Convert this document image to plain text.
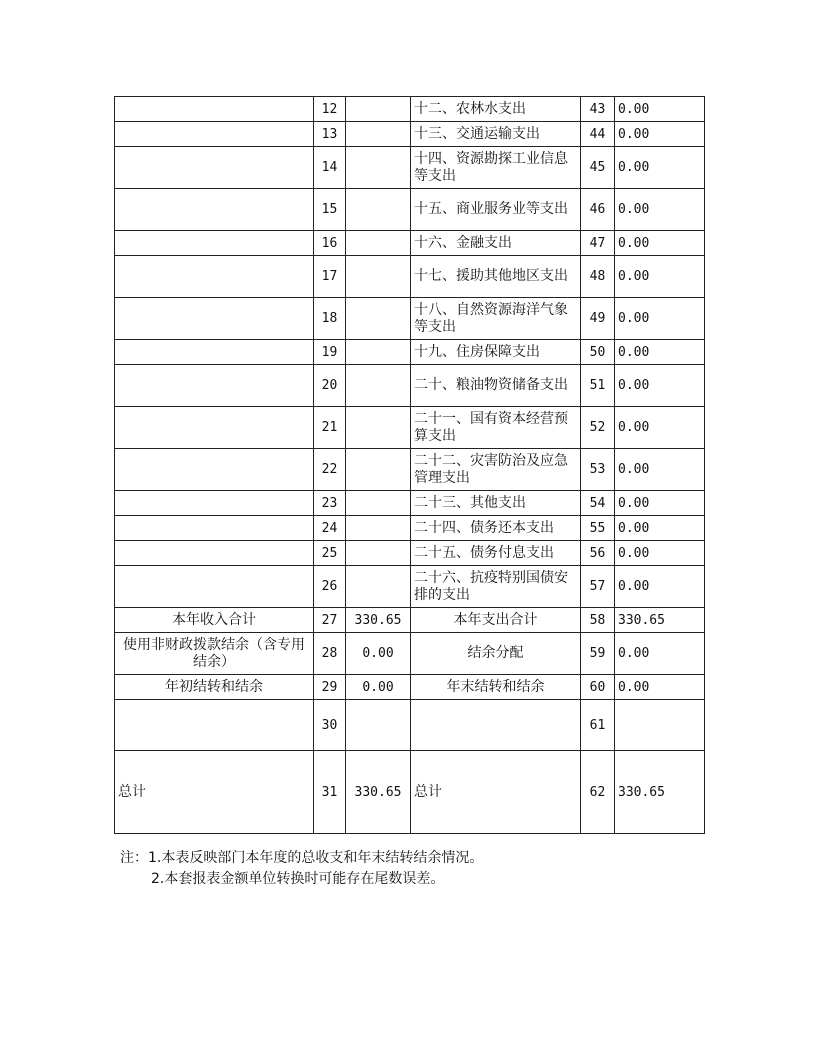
	12		十二、农林水支出	43	0.00
	13		十三、交通运输支出	44	0.00
	14		十四、资源勘探工业信息等支出	45	0.00
	15		十五、商业服务业等支出	46	0.00
	16		十六、金融支出	47	0.00
	17		十七、援助其他地区支出	48	0.00
	18		十八、自然资源海洋气象等支出	49	0.00
	19		十九、住房保障支出	50	0.00
	20		二十、粮油物资储备支出	51	0.00
	21		二十一、国有资本经营预算支出	52	0.00
	22		二十二、灾害防治及应急管理支出	53	0.00
	23		二十三、其他支出	54	0.00
	24		二十四、债务还本支出	55	0.00
	25		二十五、债务付息支出	56	0.00
	26		二十六、抗疫特别国债安排的支出	57	0.00
本年收入合计	27	330.65	本年支出合计	58	330.65
使用非财政拨款结余（含专用结余）	28	0.00	结余分配	59	0.00
年初结转和结余	29	0.00	年末结转和结余	60	0.00
	30			61	
总计	31	330.65	总计	62	330.65
注：1.本表反映部门本年度的总收支和年末结转结余情况。
2.本套报表金额单位转换时可能存在尾数误差。
